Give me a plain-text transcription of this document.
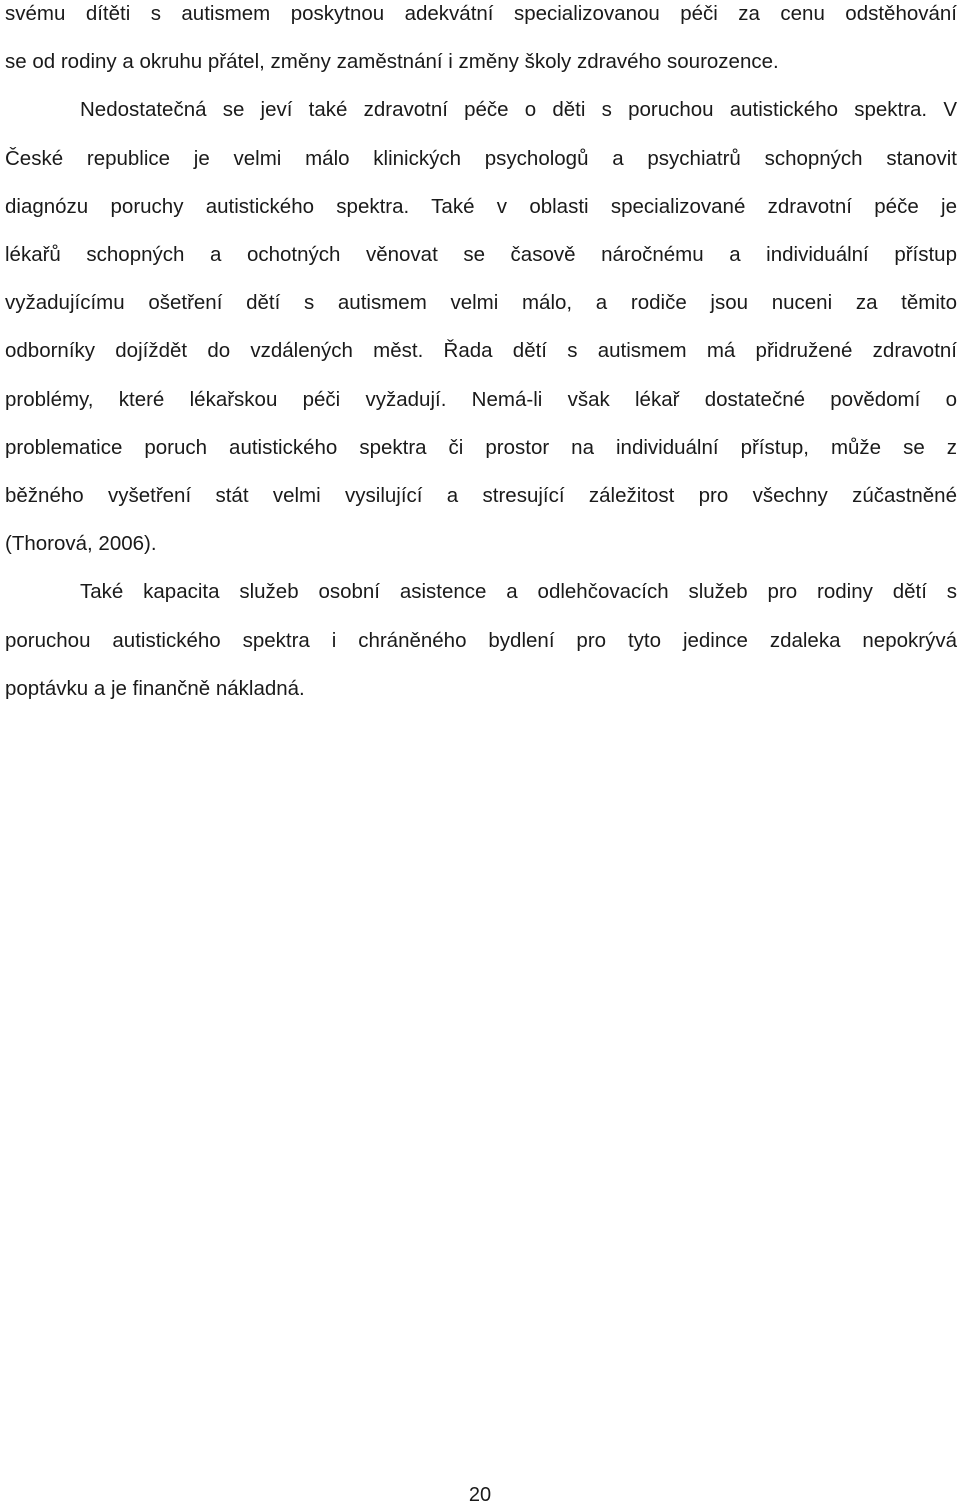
svému dítěti s autismem poskytnou adekvátní specializovanou péči za cenu odstěhování
se od rodiny a okruhu přátel, změny zaměstnání i změny školy zdravého sourozence.

Nedostatečná se jeví také zdravotní péče o děti s poruchou autistického spektra. V
České republice je velmi málo klinických psychologů a psychiatrů schopných stanovit
diagnózu poruchy autistického spektra. Také v oblasti specializované zdravotní péče je
lékařů schopných a ochotných věnovat se časově náročnému a individuální přístup
vyžadujícímu ošetření dětí s autismem velmi málo, a rodiče jsou nuceni za těmito
odborníky dojíždět do vzdálených měst. Řada dětí s autismem má přidružené zdravotní
problémy, které lékařskou péči vyžadují. Nemá-li však lékař dostatečné povědomí o
problematice poruch autistického spektra či prostor na individuální přístup, může se z
běžného vyšetření stát velmi vysilující a stresující záležitost pro všechny zúčastněné
(Thorová, 2006).

Také kapacita služeb osobní asistence a odlehčovacích služeb pro rodiny dětí s
poruchou autistického spektra i chráněného bydlení pro tyto jedince zdaleka nepokrývá
poptávku a je finančně nákladná.

20
